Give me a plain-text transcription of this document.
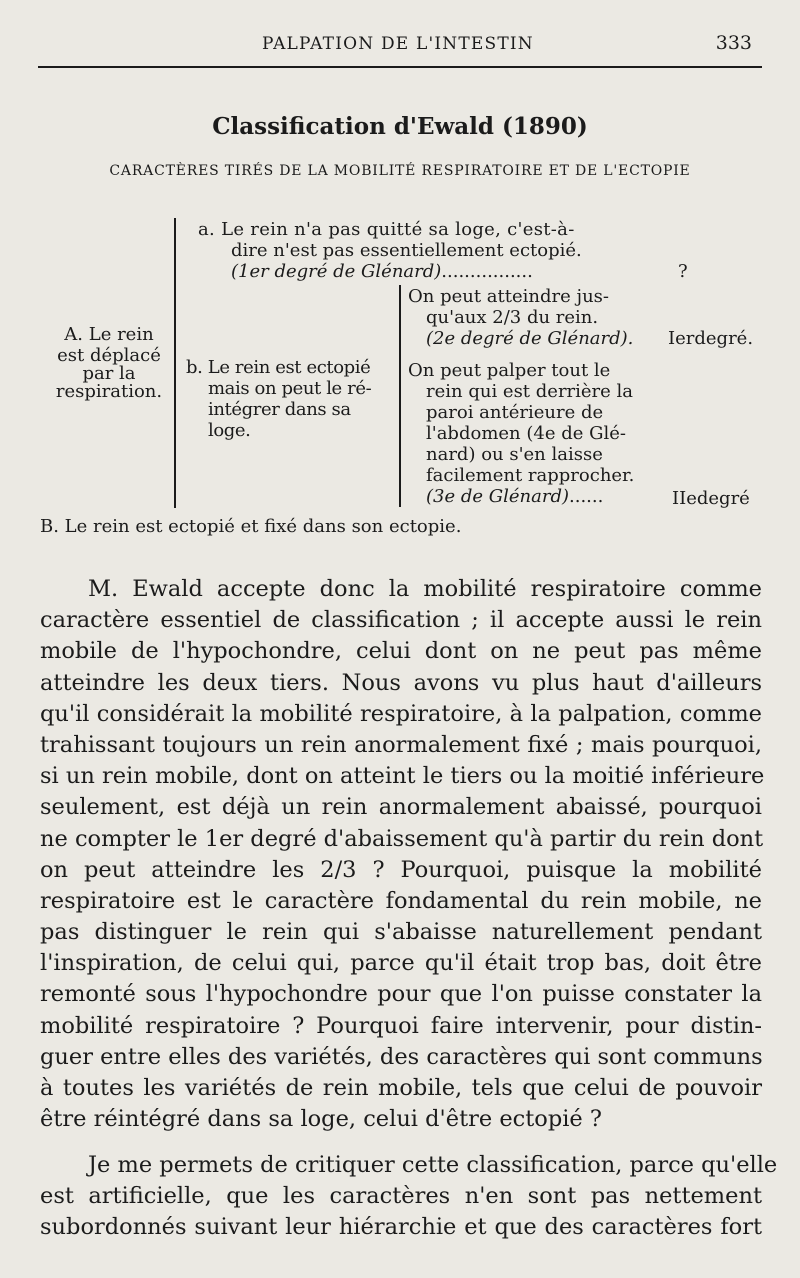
PALPATION DE L'INTESTIN	333
Classification d'Ewald (1890)
CARACTÈRES TIRÉS DE LA MOBILITÉ RESPIRATOIRE ET DE L'ECTOPIE
A. Le rein
est déplacé
par la
respiration.
a. Le rein n'a pas quitté sa loge, c'est-à-
dire n'est pas essentiellement ectopié.
(1er degré de Glénard)................	?
b. Le rein est ectopié
mais on peut le ré-
intégrer dans sa
loge.
On peut atteindre jus-
qu'aux 2/3 du rein.
(2e degré de Glénard).	Ierdegré.
On peut palper tout le
rein qui est derrière la
paroi antérieure de
l'abdomen (4e de Glé-
nard) ou s'en laisse
facilement rapprocher.
(3e de Glénard)......	IIedegré
B. Le rein est ectopié et fixé dans son ectopie.
M. Ewald accepte donc la mobilité respiratoire comme
caractère essentiel de classification ; il accepte aussi le rein
mobile de l'hypochondre, celui dont on ne peut pas même
atteindre les deux tiers. Nous avons vu plus haut d'ailleurs
qu'il considérait la mobilité respiratoire, à la palpation, comme
trahissant toujours un rein anormalement fixé ; mais pourquoi,
si un rein mobile, dont on atteint le tiers ou la moitié inférieure
seulement, est déjà un rein anormalement abaissé, pourquoi
ne compter le 1er degré d'abaissement qu'à partir du rein dont
on peut atteindre les 2/3 ? Pourquoi, puisque la mobilité
respiratoire est le caractère fondamental du rein mobile, ne
pas distinguer le rein qui s'abaisse naturellement pendant
l'inspiration, de celui qui, parce qu'il était trop bas, doit être
remonté sous l'hypochondre pour que l'on puisse constater la
mobilité respiratoire ? Pourquoi faire intervenir, pour distin-
guer entre elles des variétés, des caractères qui sont communs
à toutes les variétés de rein mobile, tels que celui de pouvoir
être réintégré dans sa loge, celui d'être ectopié ?
Je me permets de critiquer cette classification, parce qu'elle
est artificielle, que les caractères n'en sont pas nettement
subordonnés suivant leur hiérarchie et que des caractères fort
